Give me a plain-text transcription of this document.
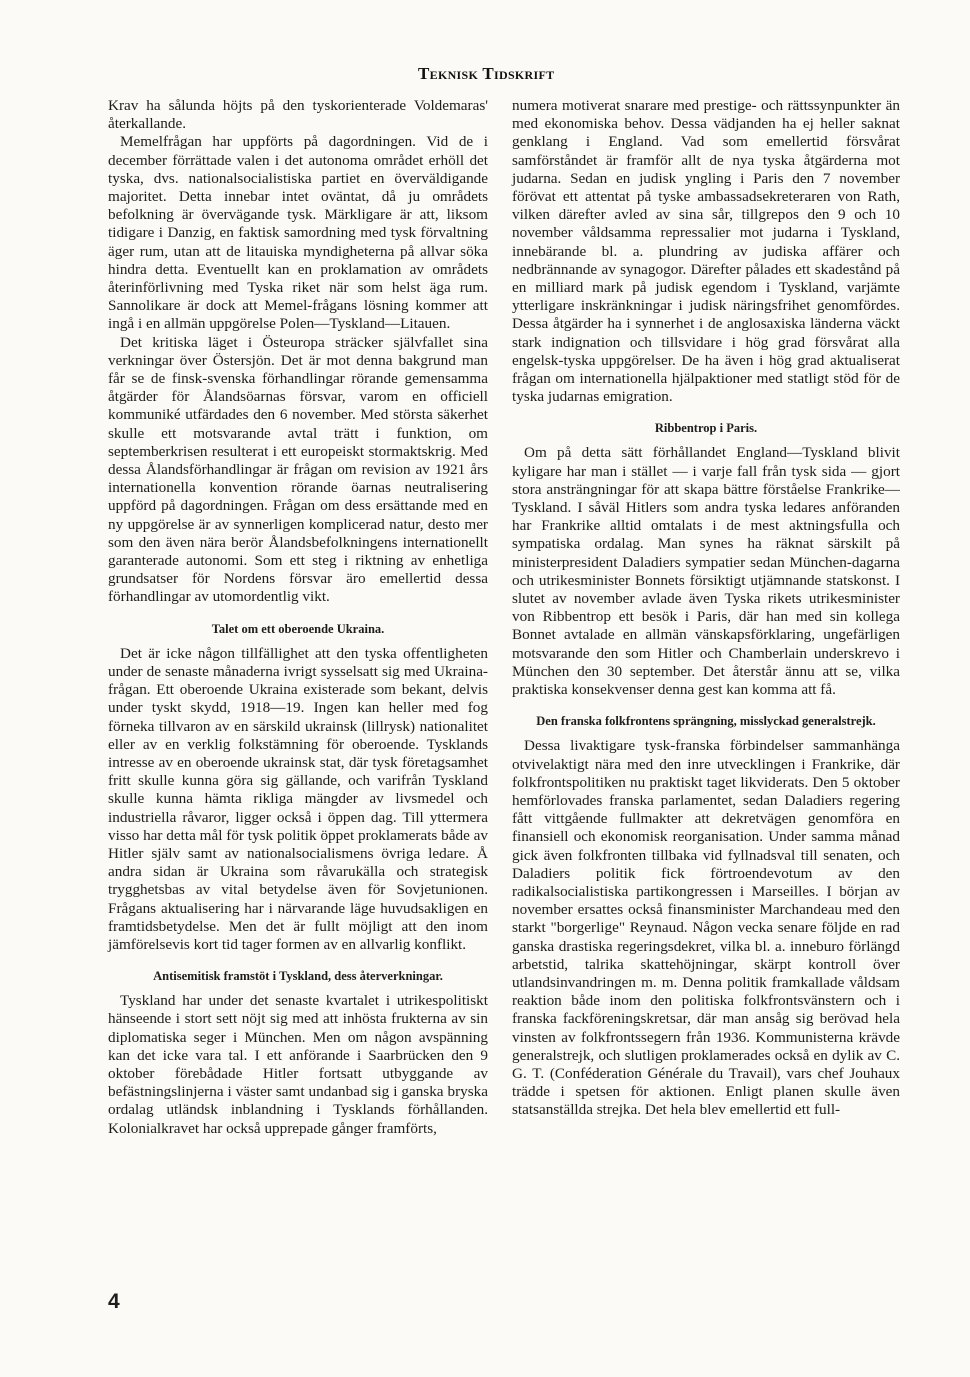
Teknisk Tidskrift

Krav ha sålunda höjts på den tyskorienterade Voldemaras' återkallande.

Memelfrågan har uppförts på dagordningen. Vid de i december förrättade valen i det autonoma området erhöll det tyska, dvs. nationalsocialistiska partiet en överväldigande majoritet. Detta innebar intet oväntat, då ju områdets befolkning är övervägande tysk. Märkligare är att, liksom tidigare i Danzig, en faktisk samordning med tysk förvaltning äger rum, utan att de litauiska myndigheterna på allvar söka hindra detta. Eventuellt kan en proklamation av områdets återinförlivning med Tyska riket när som helst äga rum. Sannolikare är dock att Memel-frågans lösning kommer att ingå i en allmän uppgörelse Polen—Tyskland—Litauen.

Det kritiska läget i Östeuropa sträcker självfallet sina verkningar över Östersjön. Det är mot denna bakgrund man får se de finsk-svenska förhandlingar rörande gemensamma åtgärder för Ålandsöarnas försvar, varom en officiell kommuniké utfärdades den 6 november. Med största säkerhet skulle ett motsvarande avtal trätt i funktion, om septemberkrisen resulterat i ett europeiskt stormaktskrig. Med dessa Ålandsförhandlingar är frågan om revision av 1921 års internationella konvention rörande öarnas neutralisering uppförd på dagordningen. Frågan om dess ersättande med en ny uppgörelse är av synnerligen komplicerad natur, desto mer som den även nära berör Ålandsbefolkningens internationellt garanterade autonomi. Som ett steg i riktning av enhetliga grundsatser för Nordens försvar äro emellertid dessa förhandlingar av utomordentlig vikt.

Talet om ett oberoende Ukraina.

Det är icke någon tillfällighet att den tyska offentligheten under de senaste månaderna ivrigt sysselsatt sig med Ukraina-frågan. Ett oberoende Ukraina existerade som bekant, delvis under tyskt skydd, 1918—19. Ingen kan heller med fog förneka tillvaron av en särskild ukrainsk (lillrysk) nationalitet eller av en verklig folkstämning för oberoende. Tysklands intresse av en oberoende ukrainsk stat, där tysk företagsamhet fritt skulle kunna göra sig gällande, och varifrån Tyskland skulle kunna hämta rikliga mängder av livsmedel och industriella råvaror, ligger också i öppen dag. Till yttermera visso har detta mål för tysk politik öppet proklamerats både av Hitler själv samt av nationalsocialismens övriga ledare. Å andra sidan är Ukraina som råvarukälla och strategisk trygghetsbas av vital betydelse även för Sovjetunionen. Frågans aktualisering har i närvarande läge huvudsakligen en framtidsbetydelse. Men det är fullt möjligt att den inom jämförelsevis kort tid tager formen av en allvarlig konflikt.

Antisemitisk framstöt i Tyskland, dess återverkningar.

Tyskland har under det senaste kvartalet i utrikespolitiskt hänseende i stort sett nöjt sig med att inhösta frukterna av sin diplomatiska seger i München. Men om någon avspänning kan det icke vara tal. I ett anförande i Saarbrücken den 9 oktober förebådade Hitler fortsatt utbyggande av befästningslinjerna i väster samt undanbad sig i ganska bryska ordalag utländsk inblandning i Tysklands förhållanden. Kolonialkravet har också upprepade gånger framförts,

numera motiverat snarare med prestige- och rättssynpunkter än med ekonomiska behov. Dessa vädjanden ha ej heller saknat genklang i England. Vad som emellertid försvårat samförståndet är framför allt de nya tyska åtgärderna mot judarna. Sedan en judisk yngling i Paris den 7 november förövat ett attentat på tyske ambassadsekreteraren von Rath, vilken därefter avled av sina sår, tillgrepos den 9 och 10 november våldsamma repressalier mot judarna i Tyskland, innebärande bl. a. plundring av judiska affärer och nedbrännande av synagogor. Därefter pålades ett skadestånd på en milliard mark på judisk egendom i Tyskland, varjämte ytterligare inskränkningar i judisk näringsfrihet genomfördes. Dessa åtgärder ha i synnerhet i de anglosaxiska länderna väckt stark indignation och tillsvidare i hög grad försvårat alla engelsk-tyska uppgörelser. De ha även i hög grad aktualiserat frågan om internationella hjälpaktioner med statligt stöd för de tyska judarnas emigration.

Ribbentrop i Paris.

Om på detta sätt förhållandet England—Tyskland blivit kyligare har man i stället — i varje fall från tysk sida — gjort stora ansträngningar för att skapa bättre förståelse Frankrike—Tyskland. I såväl Hitlers som andra tyska ledares anföranden har Frankrike alltid omtalats i de mest aktningsfulla och sympatiska ordalag. Man synes ha räknat särskilt på ministerpresident Daladiers sympatier sedan München-dagarna och utrikesminister Bonnets försiktigt utjämnande statskonst. I slutet av november avlade även Tyska rikets utrikesminister von Ribbentrop ett besök i Paris, där han med sin kollega Bonnet avtalade en allmän vänskapsförklaring, ungefärligen motsvarande den som Hitler och Chamberlain underskrevo i München den 30 september. Det återstår ännu att se, vilka praktiska konsekvenser denna gest kan komma att få.

Den franska folkfrontens sprängning, misslyckad generalstrejk.

Dessa livaktigare tysk-franska förbindelser sammanhänga otvivelaktigt nära med den inre utvecklingen i Frankrike, där folkfrontspolitiken nu praktiskt taget likviderats. Den 5 oktober hemförlovades franska parlamentet, sedan Daladiers regering fått vittgående fullmakter att dekretvägen genomföra en finansiell och ekonomisk reorganisation. Under samma månad gick även folkfronten tillbaka vid fyllnadsval till senaten, och Daladiers politik fick förtroendevotum av den radikalsocialistiska partikongressen i Marseilles. I början av november ersattes också finansminister Marchandeau med den starkt "borgerlige" Reynaud. Någon vecka senare följde en rad ganska drastiska regeringsdekret, vilka bl. a. inneburo förlängd arbetstid, talrika skattehöjningar, skärpt kontroll över utlandsinvandringen m. m. Denna politik framkallade våldsam reaktion både inom den politiska folkfrontsvänstern och i franska fackföreningskretsar, där man ansåg sig berövad hela vinsten av folkfrontssegern från 1936. Kommunisterna krävde generalstrejk, och slutligen proklamerades också en dylik av C. G. T. (Conféderation Générale du Travail), vars chef Jouhaux trädde i spetsen för aktionen. Enligt planen skulle även statsanställda strejka. Det hela blev emellertid ett full-

4
